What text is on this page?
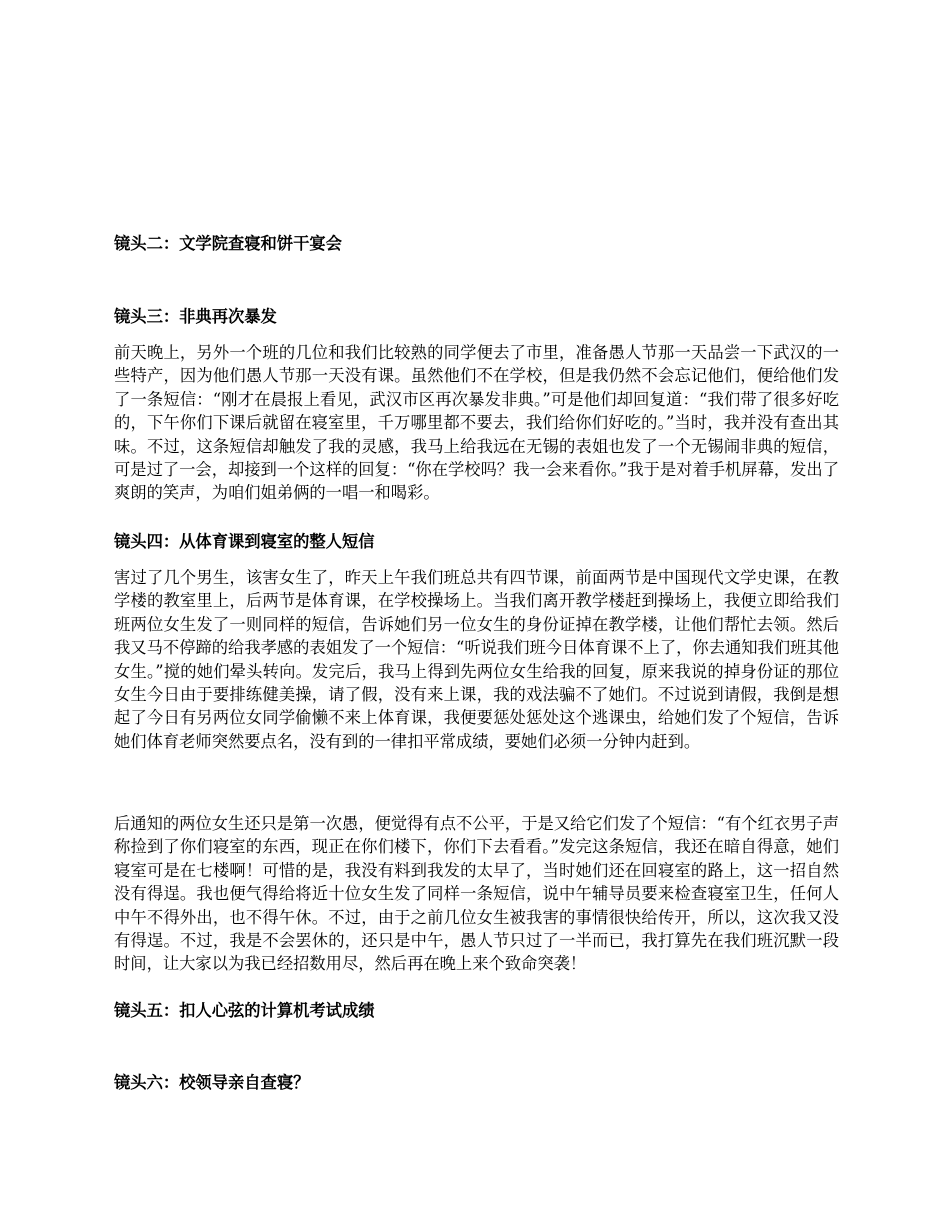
镜头二：文学院查寝和饼干宴会
镜头三：非典再次暴发

前天晚上，另外一个班的几位和我们比较熟的同学便去了市里，准备愚人节那一天品尝一下武汉的一些特产，因为他们愚人节那一天没有课。虽然他们不在学校，但是我仍然不会忘记他们，便给他们发了一条短信：“刚才在晨报上看见，武汉市区再次暴发非典。”可是他们却回复道：“我们带了很多好吃的，下午你们下课后就留在寝室里，千万哪里都不要去，我们给你们好吃的。”当时，我并没有查出其味。不过，这条短信却触发了我的灵感，我马上给我远在无锡的表姐也发了一个无锡闹非典的短信，可是过了一会，却接到一个这样的回复：“你在学校吗？我一会来看你。”我于是对着手机屏幕，发出了爽朗的笑声，为咱们姐弟俩的一唱一和喝彩。

镜头四：从体育课到寝室的整人短信

害过了几个男生，该害女生了，昨天上午我们班总共有四节课，前面两节是中国现代文学史课，在教学楼的教室里上，后两节是体育课，在学校操场上。当我们离开教学楼赶到操场上，我便立即给我们班两位女生发了一则同样的短信，告诉她们另一位女生的身份证掉在教学楼，让他们帮忙去领。然后我又马不停蹄的给我孝感的表姐发了一个短信：“听说我们班今日体育课不上了，你去通知我们班其他女生。”搅的她们晕头转向。发完后，我马上得到先两位女生给我的回复，原来我说的掉身份证的那位女生今日由于要排练健美操，请了假，没有来上课，我的戏法骗不了她们。不过说到请假，我倒是想起了今日有另两位女同学偷懒不来上体育课，我便要惩处惩处这个逃课虫，给她们发了个短信，告诉她们体育老师突然要点名，没有到的一律扣平常成绩，要她们必须一分钟内赶到。

后通知的两位女生还只是第一次愚，便觉得有点不公平，于是又给它们发了个短信：“有个红衣男子声称捡到了你们寝室的东西，现正在你们楼下，你们下去看看。”发完这条短信，我还在暗自得意，她们寝室可是在七楼啊！可惜的是，我没有料到我发的太早了，当时她们还在回寝室的路上，这一招自然没有得逞。我也便气得给将近十位女生发了同样一条短信，说中午辅导员要来检查寝室卫生，任何人中午不得外出，也不得午休。不过，由于之前几位女生被我害的事情很快给传开，所以，这次我又没有得逞。不过，我是不会罢休的，还只是中午，愚人节只过了一半而已，我打算先在我们班沉默一段时间，让大家以为我已经招数用尽，然后再在晚上来个致命突袭！

镜头五：扣人心弦的计算机考试成绩
镜头六：校领导亲自查寝？
